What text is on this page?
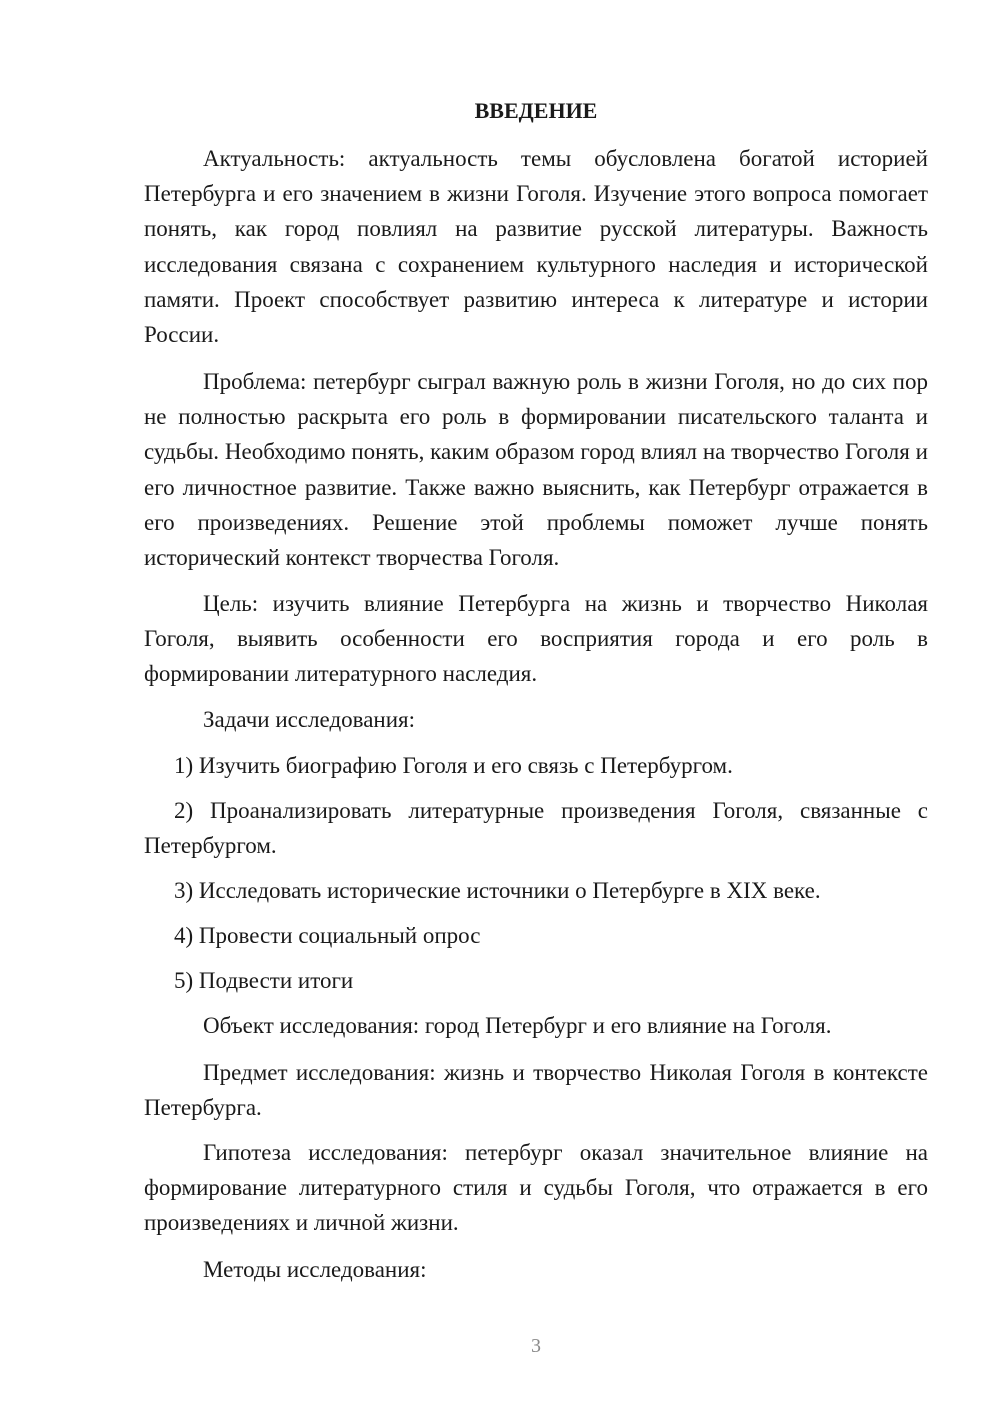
ВВЕДЕНИЕ

Актуальность: актуальность темы обусловлена богатой историей Петербурга и его значением в жизни Гоголя. Изучение этого вопроса помогает понять, как город повлиял на развитие русской литературы. Важность исследования связана с сохранением культурного наследия и исторической памяти. Проект способствует развитию интереса к литературе и истории России.

Проблема: петербург сыграл важную роль в жизни Гоголя, но до сих пор не полностью раскрыта его роль в формировании писательского таланта и судьбы. Необходимо понять, каким образом город влиял на творчество Гоголя и его личностное развитие. Также важно выяснить, как Петербург отражается в его произведениях. Решение этой проблемы поможет лучше понять исторический контекст творчества Гоголя.

Цель: изучить влияние Петербурга на жизнь и творчество Николая Гоголя, выявить особенности его восприятия города и его роль в формировании литературного наследия.

Задачи исследования:

1) Изучить биографию Гоголя и его связь с Петербургом.

2) Проанализировать литературные произведения Гоголя, связанные с Петербургом.

3) Исследовать исторические источники о Петербурге в XIX веке.

4) Провести социальный опрос

5) Подвести итоги

Объект исследования: город Петербург и его влияние на Гоголя.

Предмет исследования: жизнь и творчество Николая Гоголя в контексте Петербурга.

Гипотеза исследования: петербург оказал значительное влияние на формирование литературного стиля и судьбы Гоголя, что отражается в его произведениях и личной жизни.

Методы исследования:

3
